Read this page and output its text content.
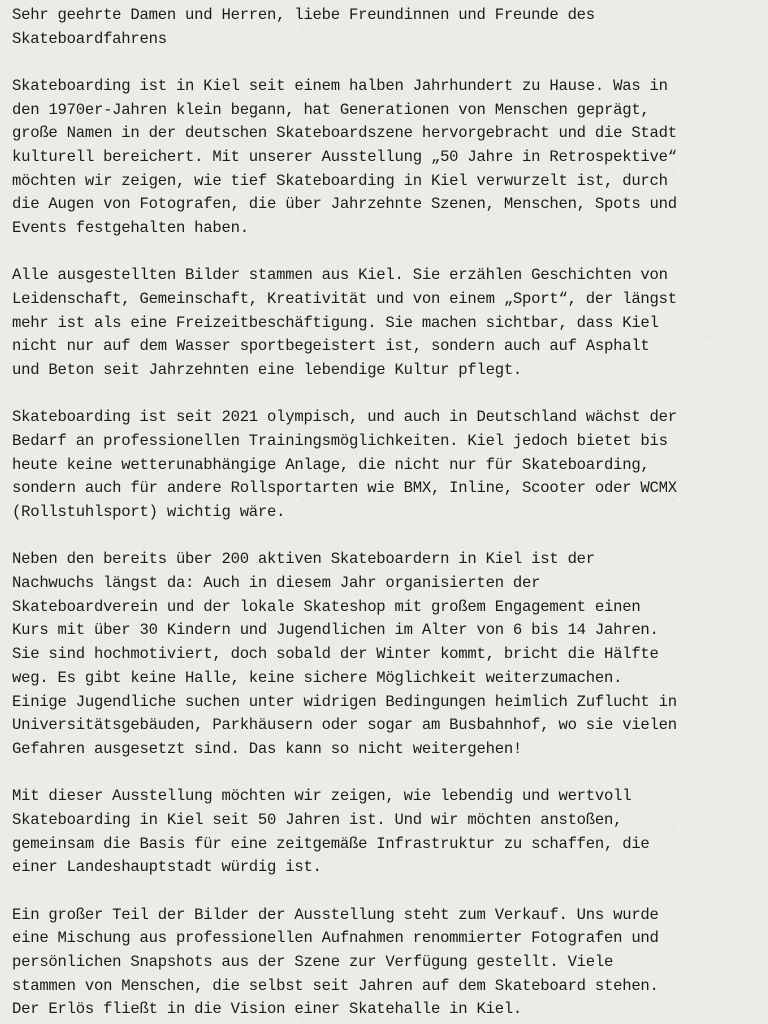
Sehr geehrte Damen und Herren, liebe Freundinnen und Freunde des
Skateboardfahrens

Skateboarding ist in Kiel seit einem halben Jahrhundert zu Hause. Was in
den 1970er-Jahren klein begann, hat Generationen von Menschen geprägt,
große Namen in der deutschen Skateboardszene hervorgebracht und die Stadt
kulturell bereichert. Mit unserer Ausstellung „50 Jahre in Retrospektive“
möchten wir zeigen, wie tief Skateboarding in Kiel verwurzelt ist, durch
die Augen von Fotografen, die über Jahrzehnte Szenen, Menschen, Spots und
Events festgehalten haben.

Alle ausgestellten Bilder stammen aus Kiel. Sie erzählen Geschichten von
Leidenschaft, Gemeinschaft, Kreativität und von einem „Sport“, der längst
mehr ist als eine Freizeitbeschäftigung. Sie machen sichtbar, dass Kiel
nicht nur auf dem Wasser sportbegeistert ist, sondern auch auf Asphalt
und Beton seit Jahrzehnten eine lebendige Kultur pflegt.

Skateboarding ist seit 2021 olympisch, und auch in Deutschland wächst der
Bedarf an professionellen Trainingsmöglichkeiten. Kiel jedoch bietet bis
heute keine wetterunabhängige Anlage, die nicht nur für Skateboarding,
sondern auch für andere Rollsportarten wie BMX, Inline, Scooter oder WCMX
(Rollstuhlsport) wichtig wäre.

Neben den bereits über 200 aktiven Skateboardern in Kiel ist der
Nachwuchs längst da: Auch in diesem Jahr organisierten der
Skateboardverein und der lokale Skateshop mit großem Engagement einen
Kurs mit über 30 Kindern und Jugendlichen im Alter von 6 bis 14 Jahren.
Sie sind hochmotiviert, doch sobald der Winter kommt, bricht die Hälfte
weg. Es gibt keine Halle, keine sichere Möglichkeit weiterzumachen.
Einige Jugendliche suchen unter widrigen Bedingungen heimlich Zuflucht in
Universitätsgebäuden, Parkhäusern oder sogar am Busbahnhof, wo sie vielen
Gefahren ausgesetzt sind. Das kann so nicht weitergehen!

Mit dieser Ausstellung möchten wir zeigen, wie lebendig und wertvoll
Skateboarding in Kiel seit 50 Jahren ist. Und wir möchten anstoßen,
gemeinsam die Basis für eine zeitgemäße Infrastruktur zu schaffen, die
einer Landeshauptstadt würdig ist.

Ein großer Teil der Bilder der Ausstellung steht zum Verkauf. Uns wurde
eine Mischung aus professionellen Aufnahmen renommierter Fotografen und
persönlichen Snapshots aus der Szene zur Verfügung gestellt. Viele
stammen von Menschen, die selbst seit Jahren auf dem Skateboard stehen.
Der Erlös fließt in die Vision einer Skatehalle in Kiel.
